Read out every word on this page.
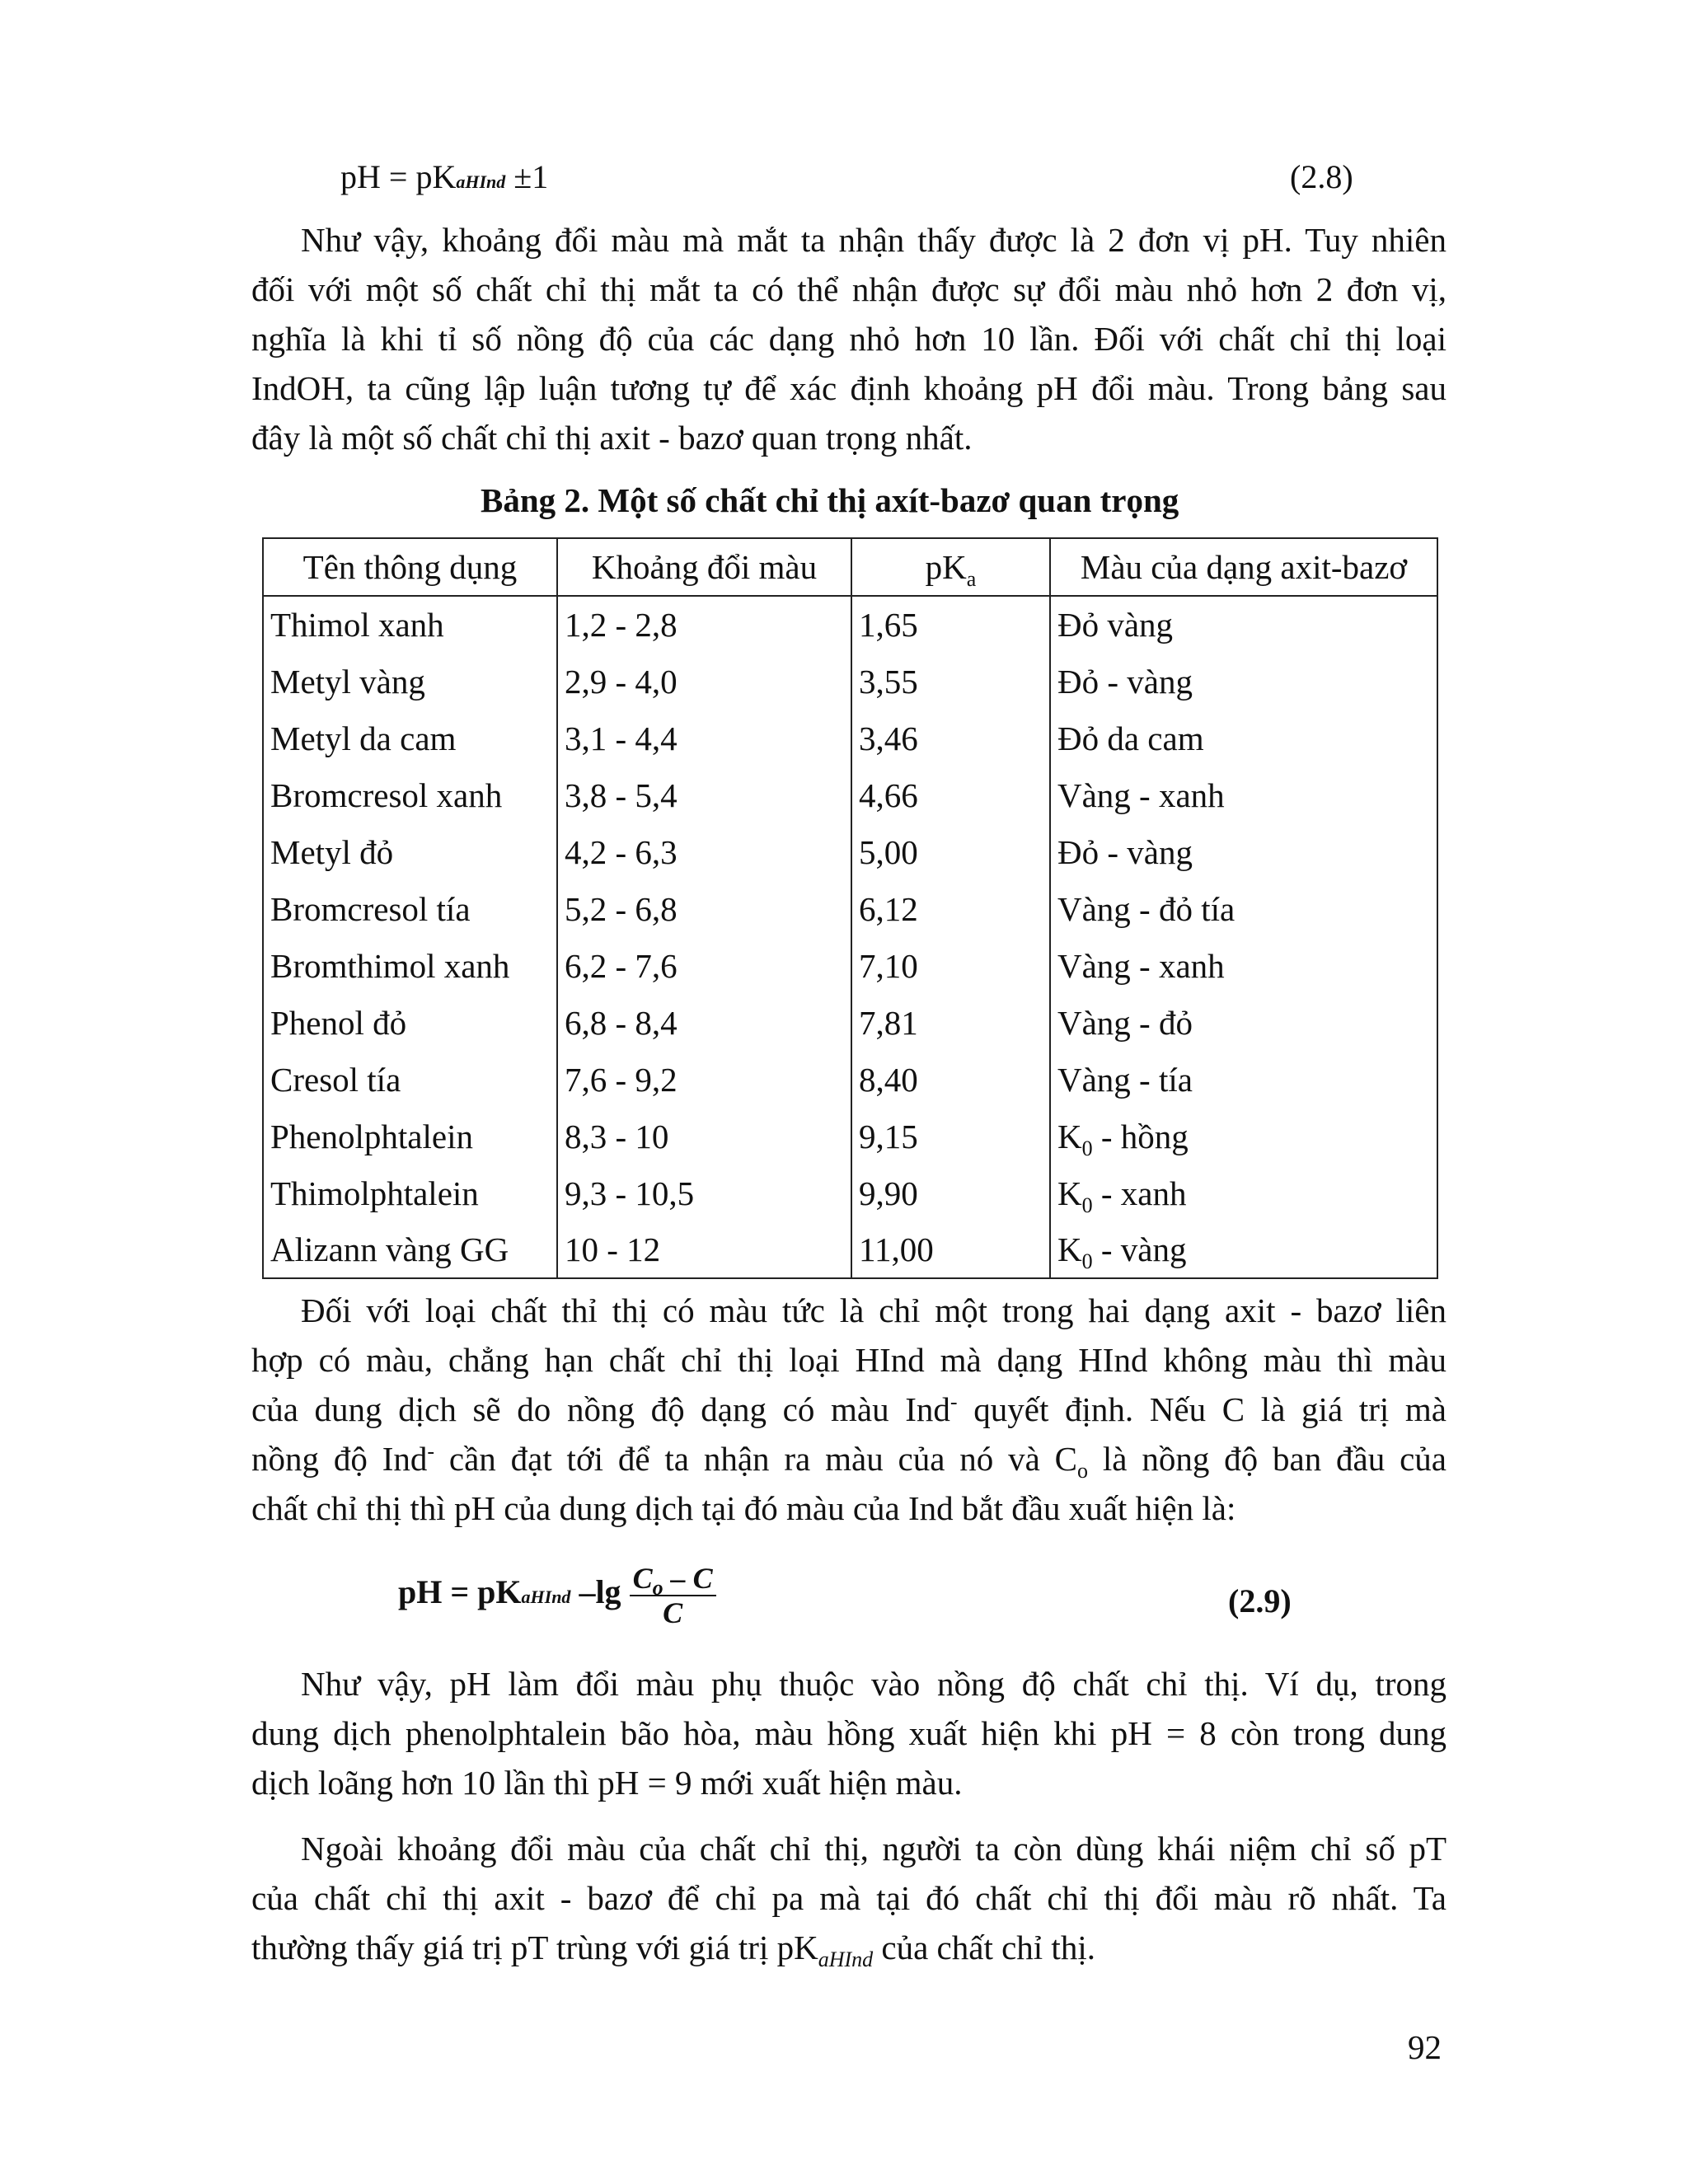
pH = pKaHInd ±1	(2.8)
Như vậy, khoảng đổi màu mà mắt ta nhận thấy được là 2 đơn vị pH. Tuy nhiên
đối với một số chất chỉ thị mắt ta có thể nhận được sự đổi màu nhỏ hơn 2 đơn vị,
nghĩa là khi tỉ số nồng độ của các dạng nhỏ hơn 10 lần. Đối với chất chỉ thị loại
IndOH, ta cũng lập luận tương tự để xác định khoảng pH đổi màu. Trong bảng sau
đây là một số chất chỉ thị axit - bazơ quan trọng nhất.
Bảng 2. Một số chất chỉ thị axít-bazơ quan trọng
Tên thông dụng	Khoảng đổi màu	$pK_a$	Màu của dạng axit-bazơ
Thimol xanh	1,2 - 2,8	1,65	Đỏ vàng
Metyl vàng	2,9 - 4,0	3,55	Đỏ - vàng
Metyl da cam	3,1 - 4,4	3,46	Đỏ da cam
Bromcresol xanh	3,8 - 5,4	4,66	Vàng - xanh
Metyl đỏ	4,2 - 6,3	5,00	Đỏ - vàng
Bromcresol tía	5,2 - 6,8	6,12	Vàng - đỏ tía
Bromthimol xanh	6,2 - 7,6	7,10	Vàng - xanh
Phenol đỏ	6,8 - 8,4	7,81	Vàng - đỏ
Cresol tía	7,6 - 9,2	8,40	Vàng - tía
Phenolphtalein	8,3 - 10	9,15	$K_0$ - hồng
Thimolphtalein	9,3 - 10,5	9,90	$K_0$ - xanh
Alizann vàng GG	10 - 12	11,00	$K_0$ - vàng
Đối với loại chất thỉ thị có màu tức là chỉ một trong hai dạng axit - bazơ liên
hợp có màu, chẳng hạn chất chỉ thị loại HInd mà dạng HInd không màu thì màu
của dung dịch sẽ do nồng độ dạng có màu Ind- quyết định. Nếu C là giá trị mà
nồng độ Ind- cần đạt tới để ta nhận ra màu của nó và $C_o$ là nồng độ ban đầu của
chất chỉ thị thì pH của dung dịch tại đó màu của Ind bắt đầu xuất hiện là:
pH = pKaHInd $-\lg \frac{C_o - C}{C}$	(2.9)
Như vậy, pH làm đổi màu phụ thuộc vào nồng độ chất chỉ thị. Ví dụ, trong
dung dịch phenolphtalein bão hòa, màu hồng xuất hiện khi pH = 8 còn trong dung
dịch loãng hơn 10 lần thì pH = 9 mới xuất hiện màu.
Ngoài khoảng đổi màu của chất chỉ thị, người ta còn dùng khái niệm chỉ số pT
của chất chỉ thị axit - bazơ để chỉ pa mà tại đó chất chỉ thị đổi màu rõ nhất. Ta
thường thấy giá trị pT trùng với giá trị $pK_{aHInd}$ của chất chỉ thị.
92
